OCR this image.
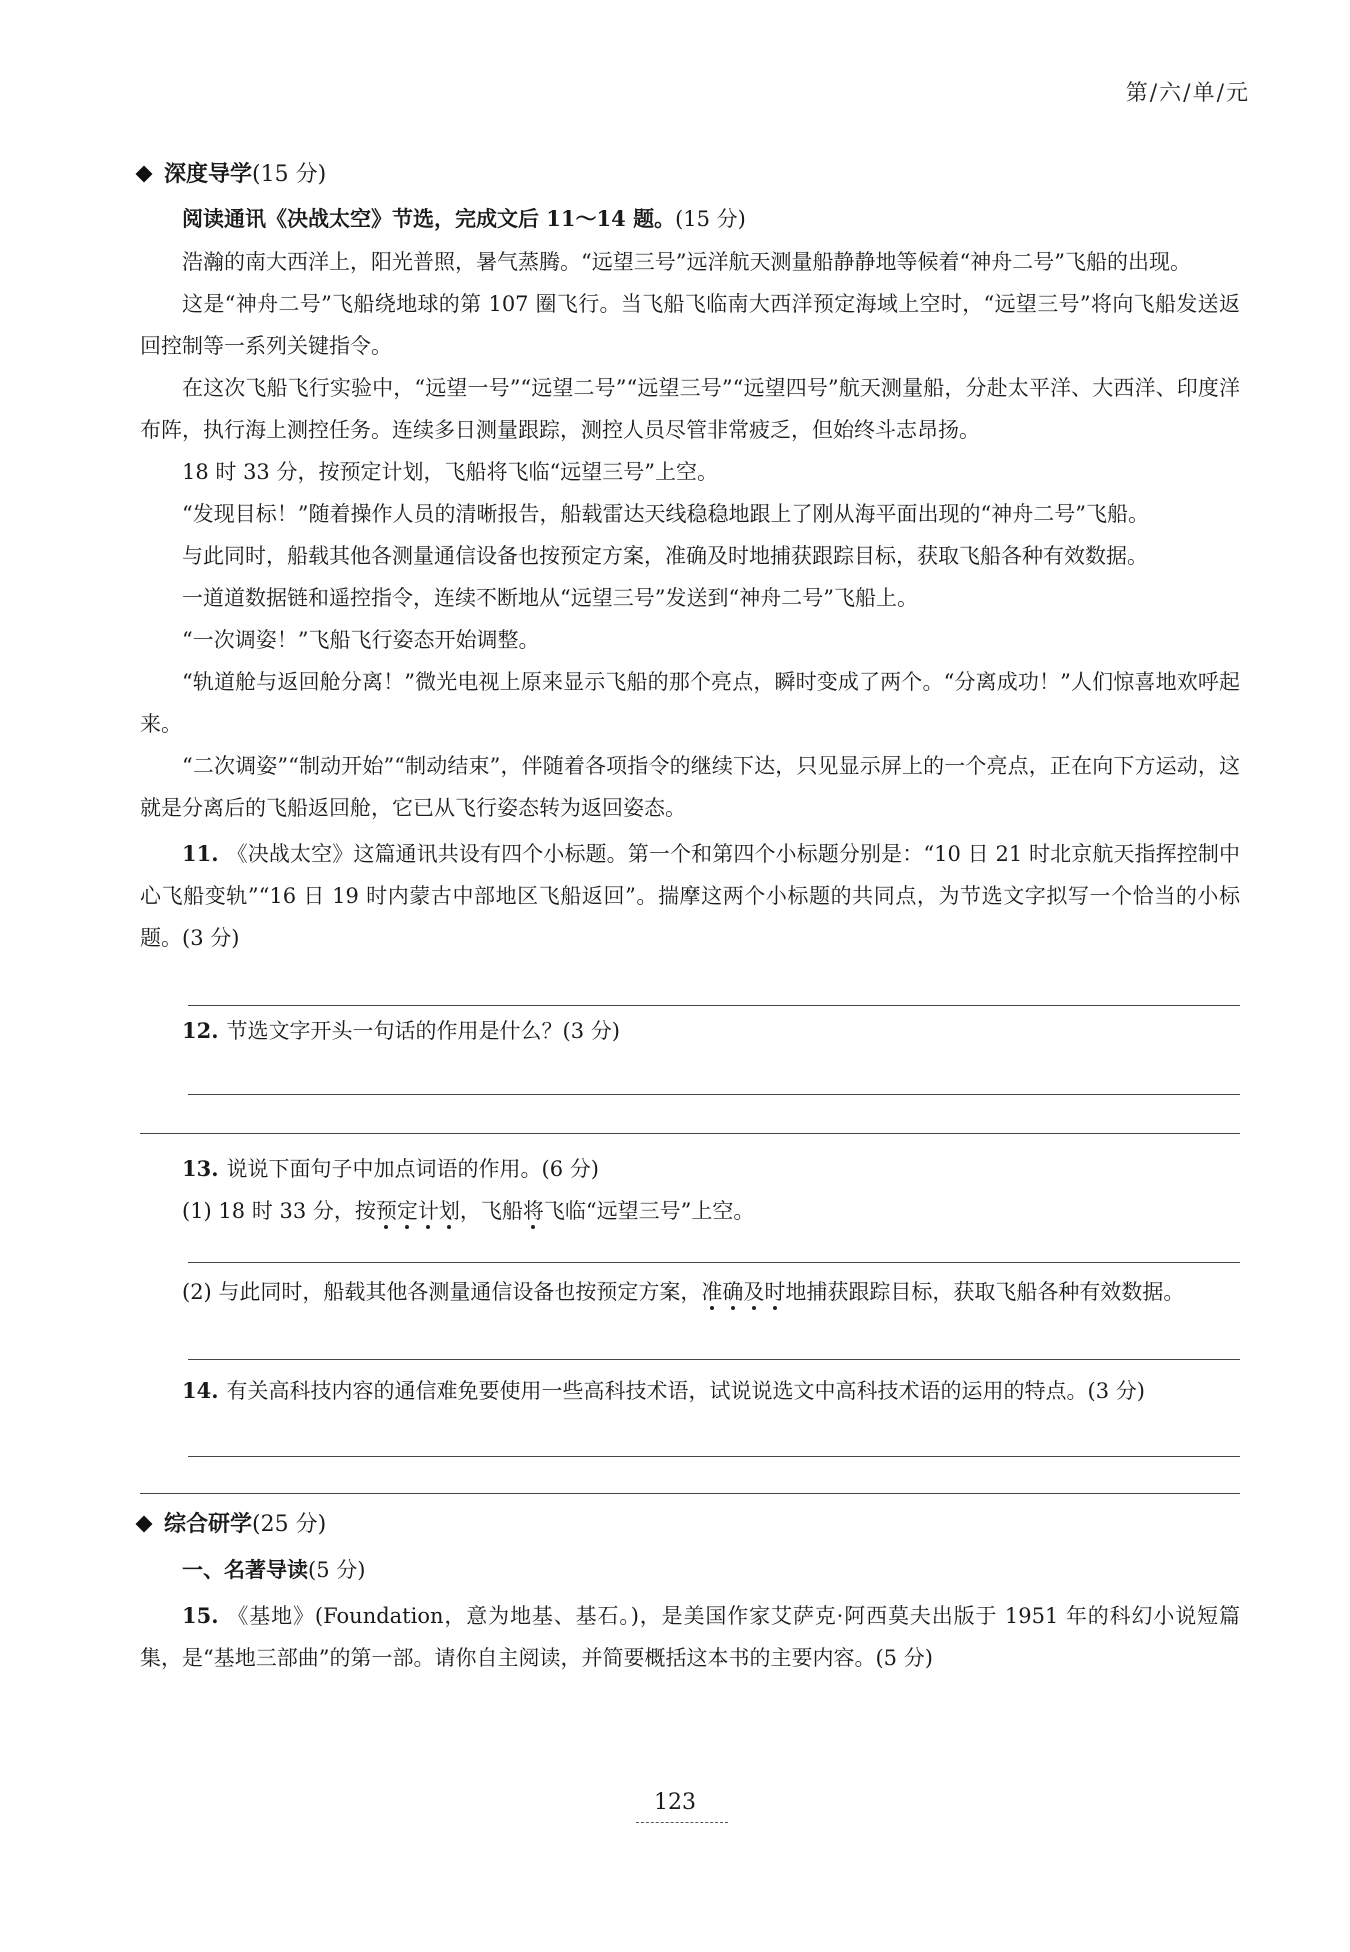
第/六/单/元
深度导学(15 分)

阅读通讯《决战太空》节选，完成文后 11～14 题。(15 分)

浩瀚的南大西洋上，阳光普照，暑气蒸腾。“远望三号”远洋航天测量船静静地等候着“神舟二号”飞船的出现。

这是“神舟二号”飞船绕地球的第 107 圈飞行。当飞船飞临南大西洋预定海域上空时，“远望三号”将向飞船发送返回控制等一系列关键指令。

在这次飞船飞行实验中，“远望一号”“远望二号”“远望三号”“远望四号”航天测量船，分赴太平洋、大西洋、印度洋布阵，执行海上测控任务。连续多日测量跟踪，测控人员尽管非常疲乏，但始终斗志昂扬。

18 时 33 分，按预定计划，飞船将飞临“远望三号”上空。

“发现目标！”随着操作人员的清晰报告，船载雷达天线稳稳地跟上了刚从海平面出现的“神舟二号”飞船。

与此同时，船载其他各测量通信设备也按预定方案，准确及时地捕获跟踪目标，获取飞船各种有效数据。

一道道数据链和遥控指令，连续不断地从“远望三号”发送到“神舟二号”飞船上。

“一次调姿！”飞船飞行姿态开始调整。

“轨道舱与返回舱分离！”微光电视上原来显示飞船的那个亮点，瞬时变成了两个。“分离成功！”人们惊喜地欢呼起来。

“二次调姿”“制动开始”“制动结束”，伴随着各项指令的继续下达，只见显示屏上的一个亮点，正在向下方运动，这就是分离后的飞船返回舱，它已从飞行姿态转为返回姿态。

11. 《决战太空》这篇通讯共设有四个小标题。第一个和第四个小标题分别是：“10 日 21 时北京航天指挥控制中心飞船变轨”“16 日 19 时内蒙古中部地区飞船返回”。揣摩这两个小标题的共同点，为节选文字拟写一个恰当的小标题。(3 分)

12. 节选文字开头一句话的作用是什么？(3 分)

13. 说说下面句子中加点词语的作用。(6 分)

(1) 18 时 33 分，按预定计划，飞船将飞临“远望三号”上空。

(2) 与此同时，船载其他各测量通信设备也按预定方案，准确及时地捕获跟踪目标，获取飞船各种有效数据。

14. 有关高科技内容的通信难免要使用一些高科技术语，试说说选文中高科技术语的运用的特点。(3 分)

综合研学(25 分)

一、名著导读(5 分)

15. 《基地》(Foundation，意为地基、基石。)，是美国作家艾萨克·阿西莫夫出版于 1951 年的科幻小说短篇集，是“基地三部曲”的第一部。请你自主阅读，并简要概括这本书的主要内容。(5 分)

123
